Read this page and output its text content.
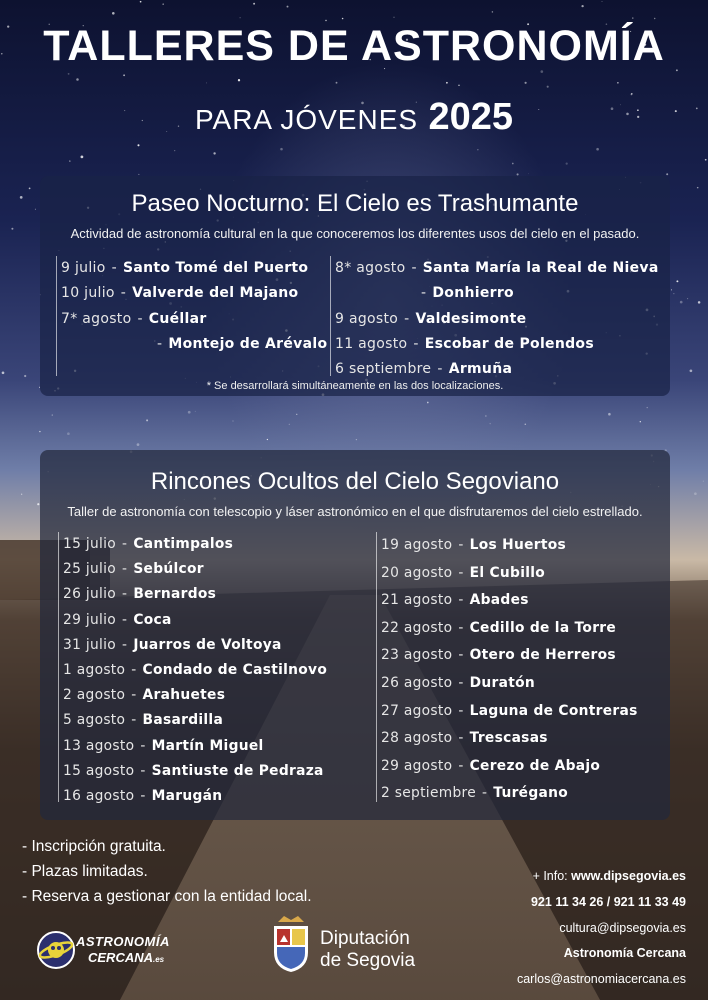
TALLERES DE ASTRONOMÍA
PARA JÓVENES 2025
Paseo Nocturno: El Cielo es Trashumante
Actividad de astronomía cultural en la que conoceremos los diferentes usos del cielo en el pasado.
9 julio - Santo Tomé del Puerto
10 julio - Valverde del Majano
7* agosto - Cuéllar
- Montejo de Arévalo
8* agosto - Santa María la Real de Nieva
- Donhierro
9 agosto - Valdesimonte
11 agosto - Escobar de Polendos
6 septiembre - Armuña
* Se desarrollará simultáneamente en las dos localizaciones.
Rincones Ocultos del Cielo Segoviano
Taller de astronomía con telescopio y láser astronómico en el que disfrutaremos del cielo estrellado.
15 julio - Cantimpalos
25 julio - Sebúlcor
26 julio - Bernardos
29 julio - Coca
31 julio - Juarros de Voltoya
1 agosto - Condado de Castilnovo
2 agosto - Arahuetes
5 agosto - Basardilla
13 agosto - Martín Miguel
15 agosto - Santiuste de Pedraza
16 agosto - Marugán
19 agosto - Los Huertos
20 agosto - El Cubillo
21 agosto - Abades
22 agosto - Cedillo de la Torre
23 agosto - Otero de Herreros
26 agosto - Duratón
27 agosto - Laguna de Contreras
28 agosto - Trescasas
29 agosto - Cerezo de Abajo
2 septiembre - Turégano
- Inscripción gratuita.
- Plazas limitadas.
- Reserva a gestionar con la entidad local.
+ Info: www.dipsegovia.es
921 11 34 26 / 921 11 33 49
cultura@dipsegovia.es
Astronomía Cercana
carlos@astronomiacercana.es
ASTRONOMÍA
CERCANA.es
Diputación
de Segovia
